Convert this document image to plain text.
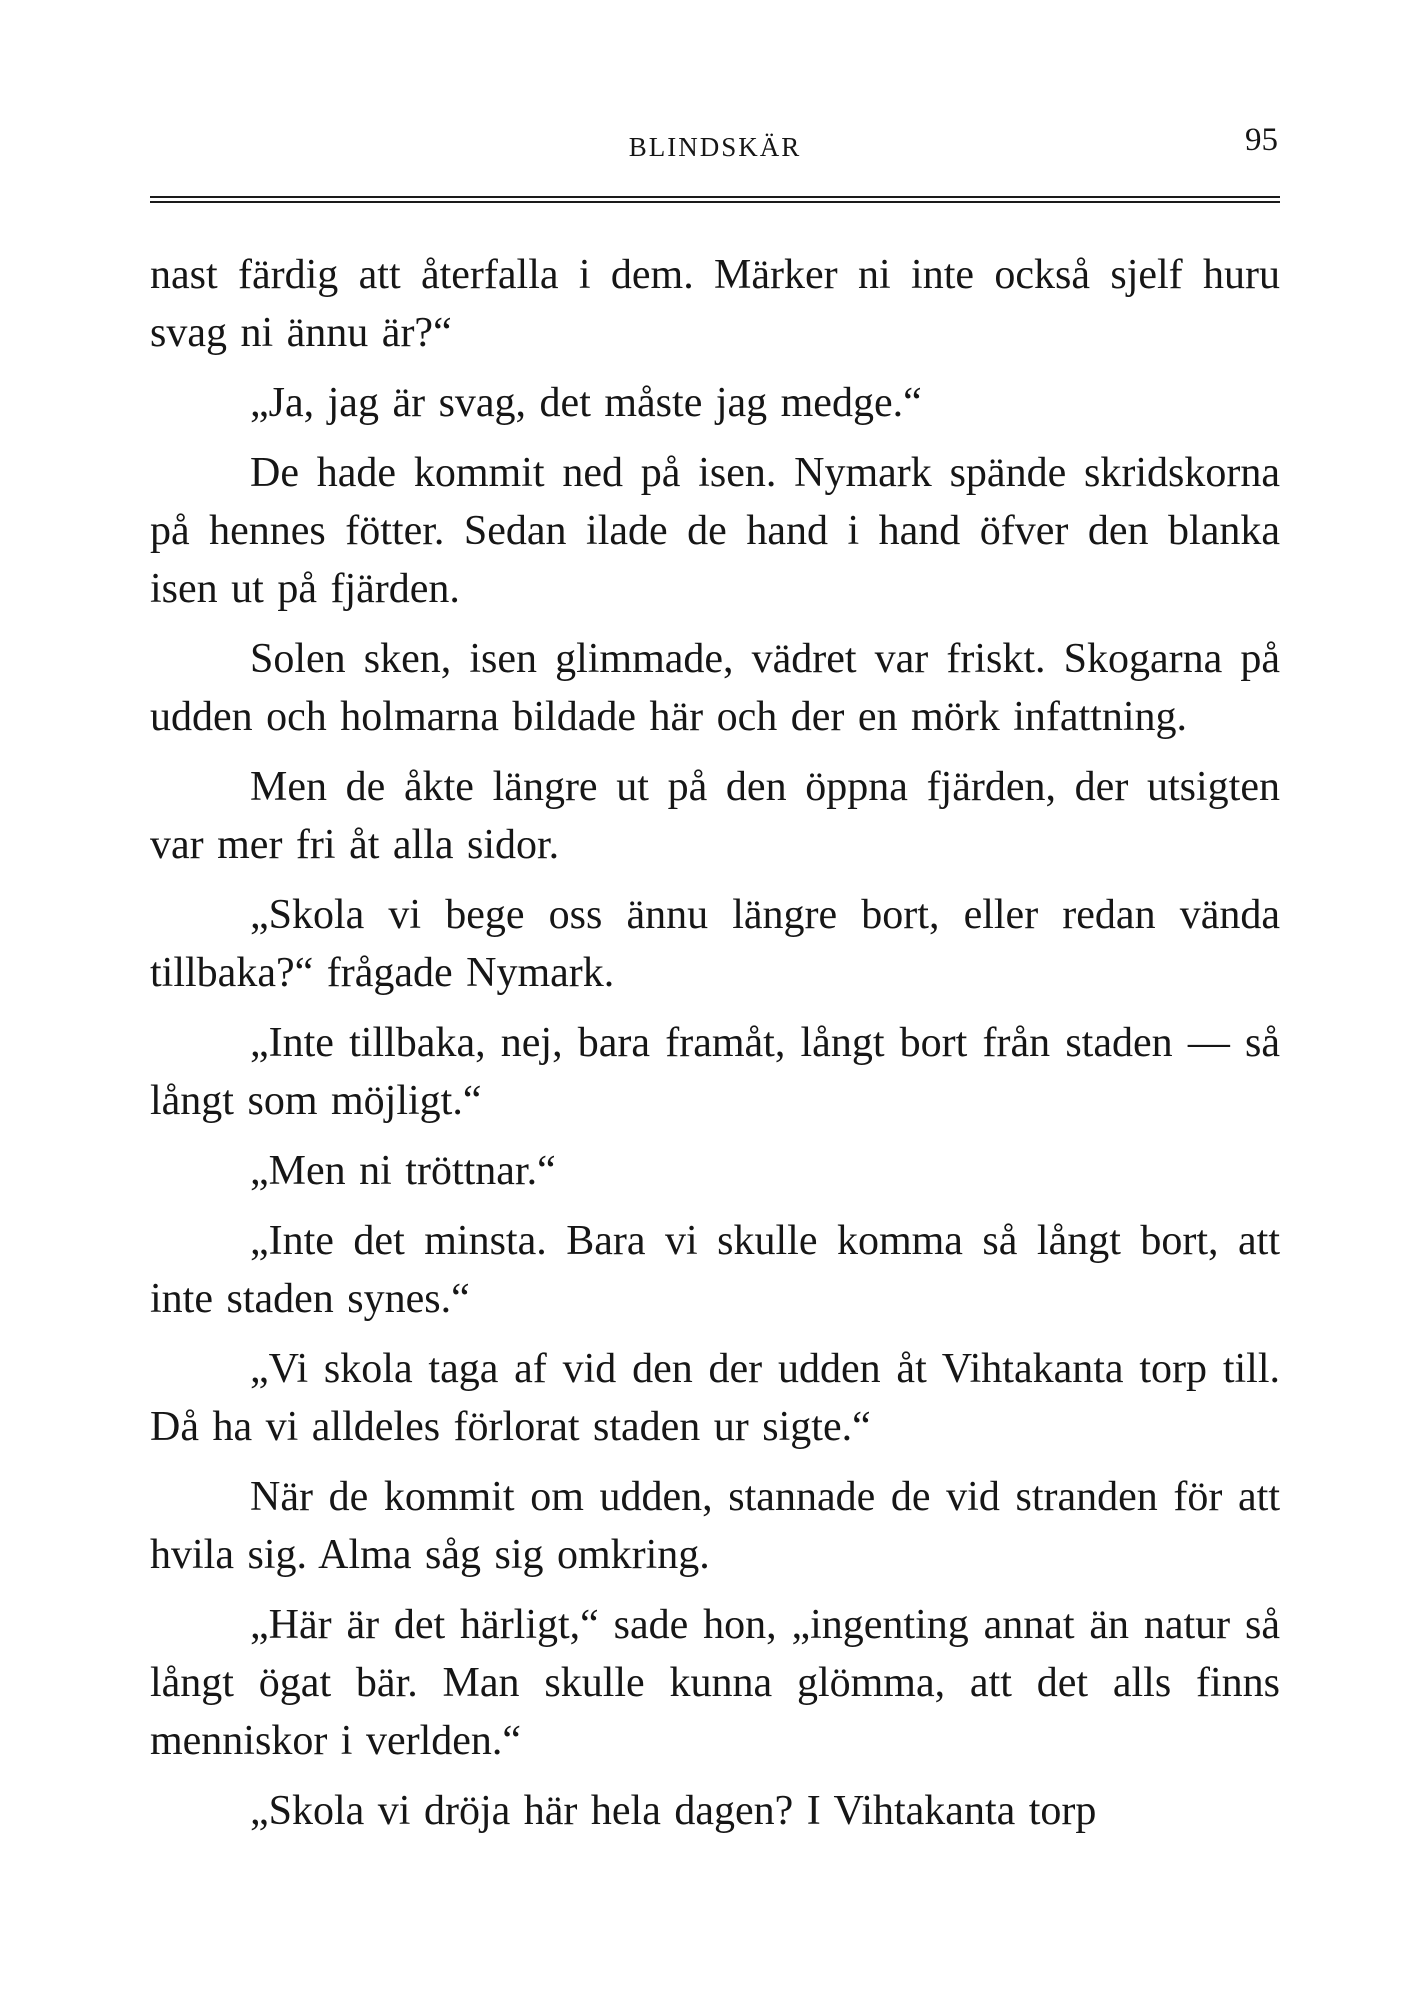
BLINDSKÄR	95

nast färdig att återfalla i dem. Märker ni inte också sjelf huru svag ni ännu är?“

„Ja, jag är svag, det måste jag medge.“

De hade kommit ned på isen. Nymark spände skridskorna på hennes fötter. Sedan ilade de hand i hand öfver den blanka isen ut på fjärden.

Solen sken, isen glimmade, vädret var friskt. Skogarna på udden och holmarna bildade här och der en mörk infattning.

Men de åkte längre ut på den öppna fjärden, der utsigten var mer fri åt alla sidor.

„Skola vi bege oss ännu längre bort, eller redan vända tillbaka?“ frågade Nymark.

„Inte tillbaka, nej, bara framåt, långt bort från staden — så långt som möjligt.“

„Men ni tröttnar.“

„Inte det minsta. Bara vi skulle komma så långt bort, att inte staden synes.“

„Vi skola taga af vid den der udden åt Vihtakanta torp till. Då ha vi alldeles förlorat staden ur sigte.“

När de kommit om udden, stannade de vid stranden för att hvila sig. Alma såg sig omkring.

„Här är det härligt,“ sade hon, „ingenting annat än natur så långt ögat bär. Man skulle kunna glömma, att det alls finns menniskor i verlden.“

„Skola vi dröja här hela dagen? I Vihtakanta torp
